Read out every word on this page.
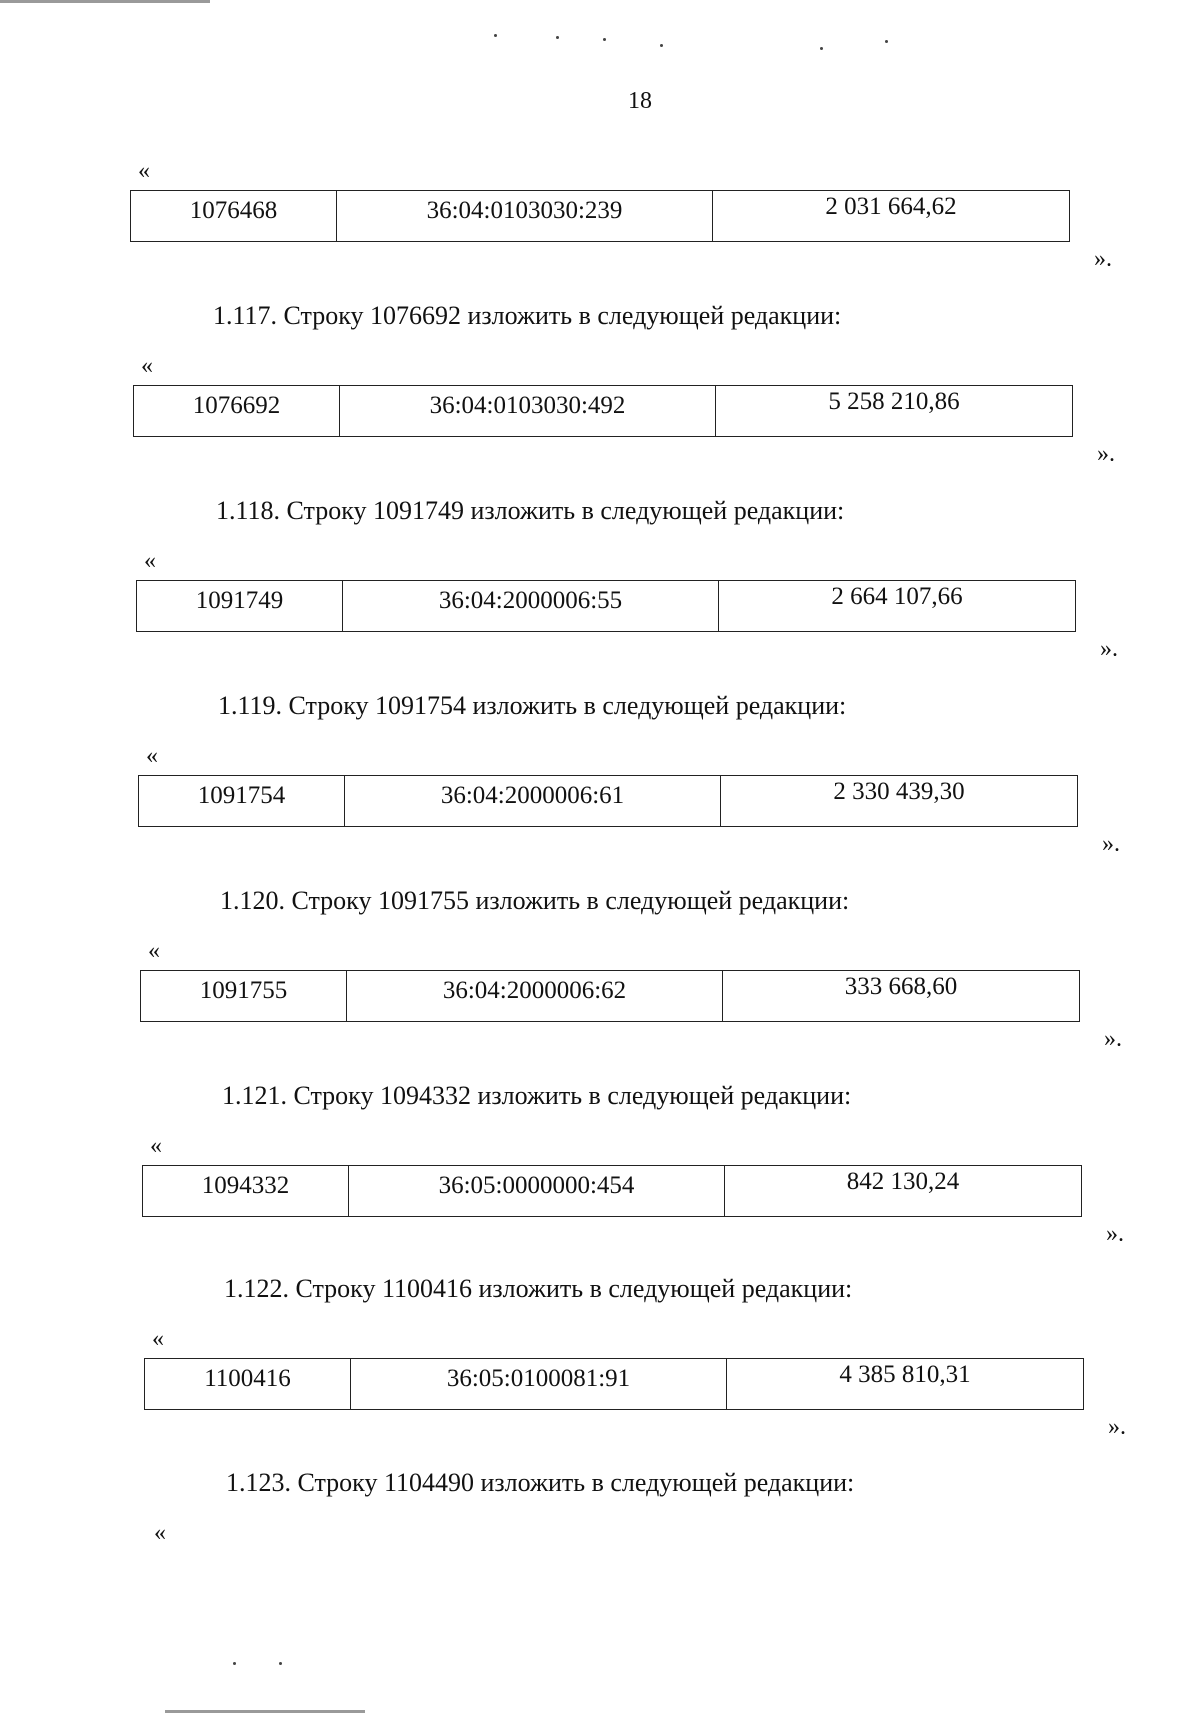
18
«
1076468	36:04:0103030:239	2 031 664,62
».
1.117. Строку 1076692 изложить в следующей редакции:
«
1076692	36:04:0103030:492	5 258 210,86
».
1.118. Строку 1091749 изложить в следующей редакции:
«
1091749	36:04:2000006:55	2 664 107,66
».
1.119. Строку 1091754 изложить в следующей редакции:
«
1091754	36:04:2000006:61	2 330 439,30
».
1.120. Строку 1091755 изложить в следующей редакции:
«
1091755	36:04:2000006:62	333 668,60
».
1.121. Строку 1094332 изложить в следующей редакции:
«
1094332	36:05:0000000:454	842 130,24
».
1.122. Строку 1100416 изложить в следующей редакции:
«
1100416	36:05:0100081:91	4 385 810,31
».
1.123. Строку 1104490 изложить в следующей редакции:
«
